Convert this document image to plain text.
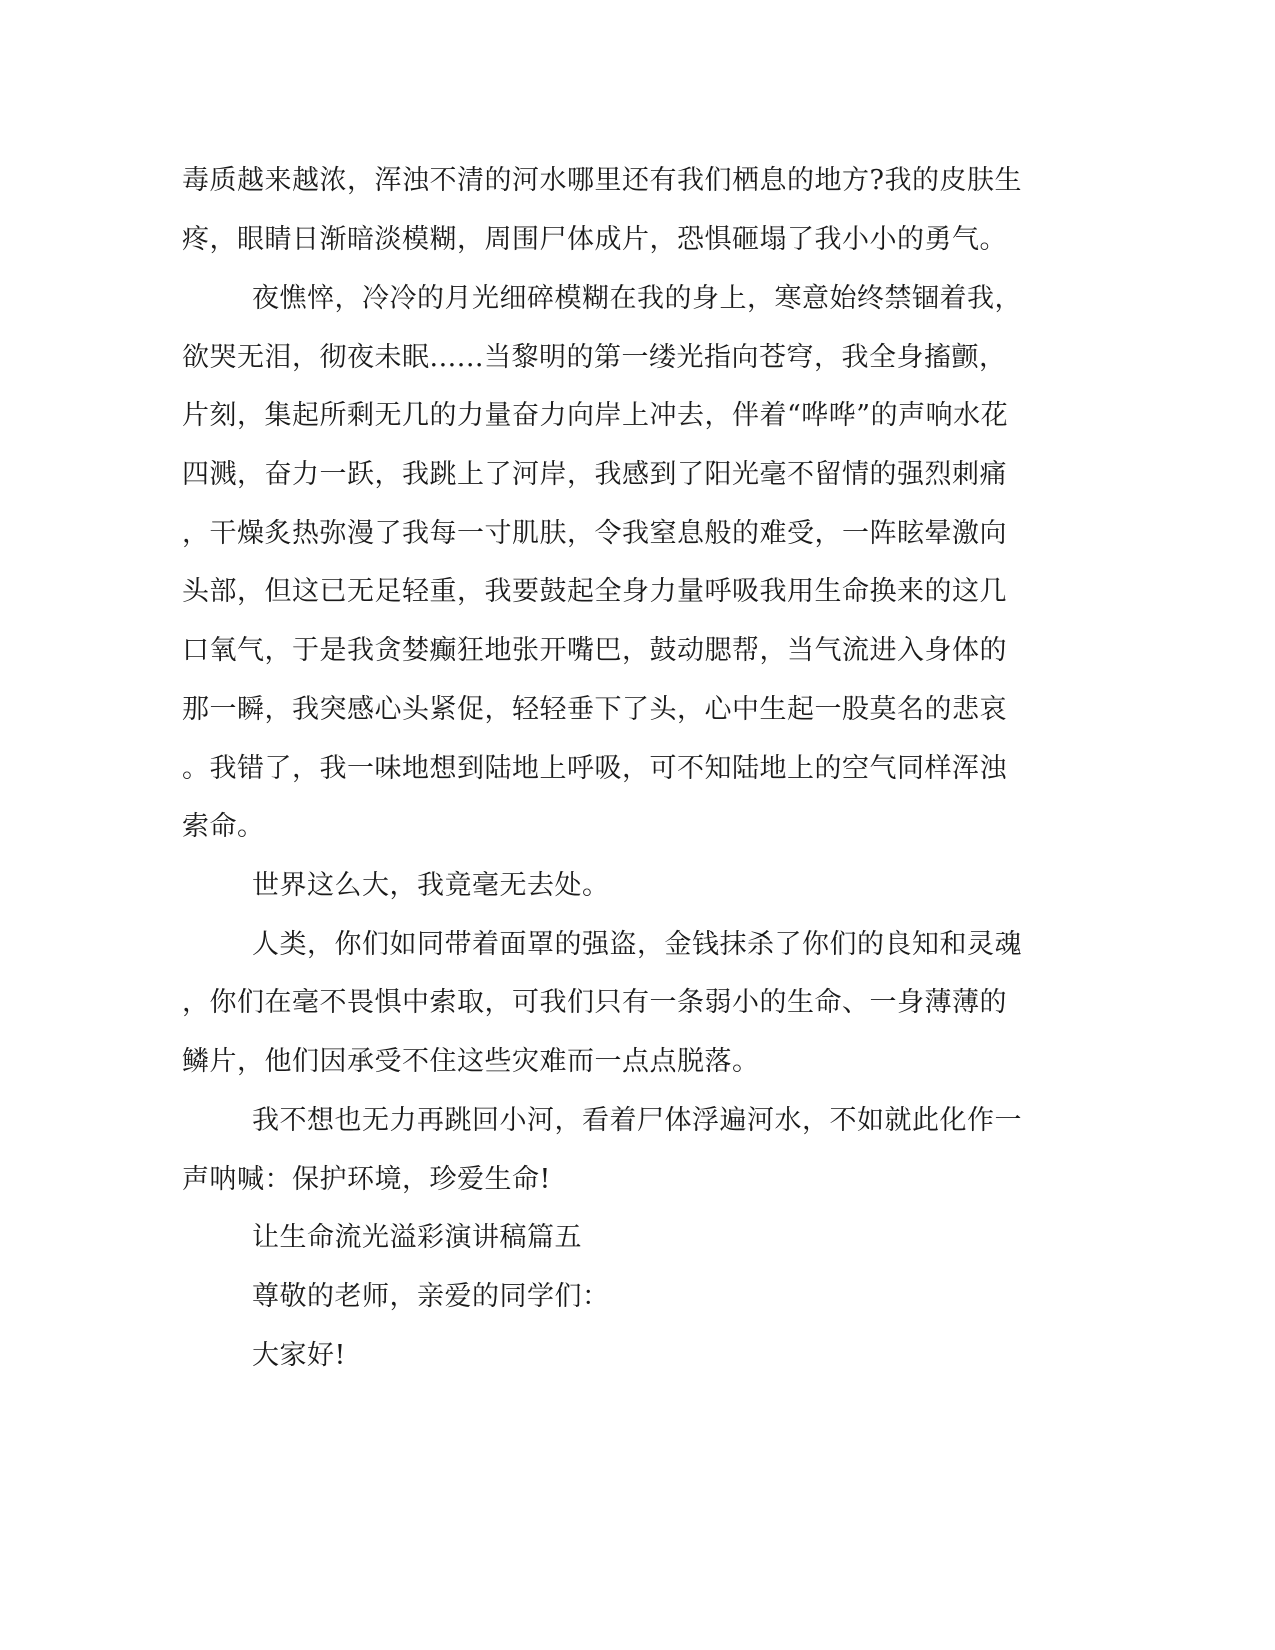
毒质越来越浓，浑浊不清的河水哪里还有我们栖息的地方?我的皮肤生
疼，眼睛日渐暗淡模糊，周围尸体成片，恐惧砸塌了我小小的勇气。
夜憔悴，冷冷的月光细碎模糊在我的身上，寒意始终禁锢着我，
欲哭无泪，彻夜未眠......当黎明的第一缕光指向苍穹，我全身搐颤，
片刻，集起所剩无几的力量奋力向岸上冲去，伴着“哗哗”的声响水花
四溅，奋力一跃，我跳上了河岸，我感到了阳光毫不留情的强烈刺痛
，干燥炙热弥漫了我每一寸肌肤，令我窒息般的难受，一阵眩晕激向
头部，但这已无足轻重，我要鼓起全身力量呼吸我用生命换来的这几
口氧气，于是我贪婪癫狂地张开嘴巴，鼓动腮帮，当气流进入身体的
那一瞬，我突感心头紧促，轻轻垂下了头，心中生起一股莫名的悲哀
。我错了，我一味地想到陆地上呼吸，可不知陆地上的空气同样浑浊
索命。
世界这么大，我竟毫无去处。
人类，你们如同带着面罩的强盗，金钱抹杀了你们的良知和灵魂
，你们在毫不畏惧中索取，可我们只有一条弱小的生命、一身薄薄的
鳞片，他们因承受不住这些灾难而一点点脱落。
我不想也无力再跳回小河，看着尸体浮遍河水，不如就此化作一
声呐喊：保护环境，珍爱生命!
让生命流光溢彩演讲稿篇五
尊敬的老师，亲爱的同学们：
大家好!
